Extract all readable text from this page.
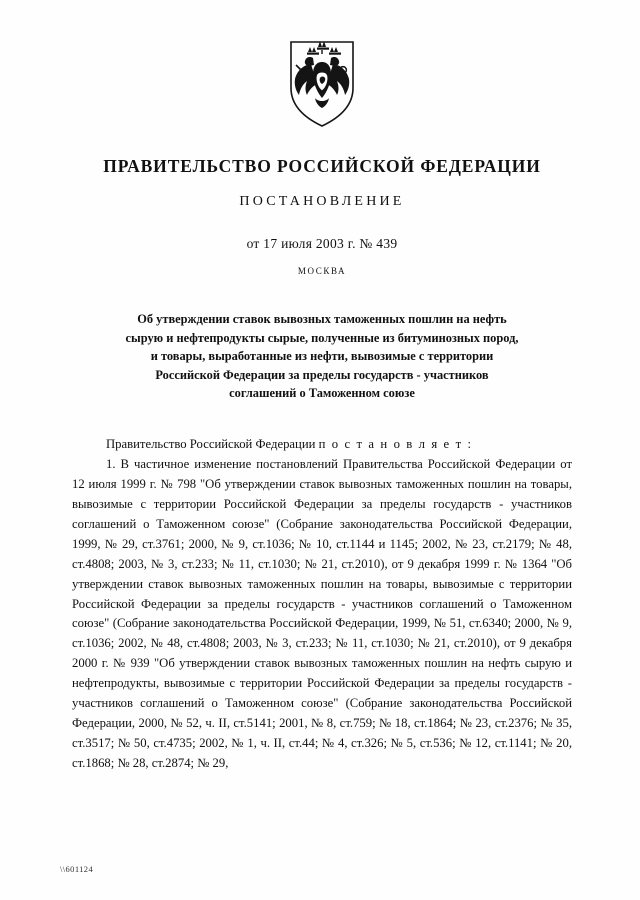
ПРАВИТЕЛЬСТВО РОССИЙСКОЙ ФЕДЕРАЦИИ
ПОСТАНОВЛЕНИЕ
от 17 июля 2003 г. № 439
МОСКВА
Об утверждении ставок вывозных таможенных пошлин на нефть
сырую и нефтепродукты сырые, полученные из битуминозных пород,
и товары, выработанные из нефти, вывозимые с территории
Российской Федерации за пределы государств - участников
соглашений о Таможенном союзе

Правительство Российской Федерации п о с т а н о в л я е т :

1. В частичное изменение постановлений Правительства Российской Федерации от 12 июля 1999 г. № 798 "Об утверждении ставок вывозных таможенных пошлин на товары, вывозимые с территории Российской Федерации за пределы государств - участников соглашений о Таможенном союзе" (Собрание законодательства Российской Федерации, 1999, № 29, ст.3761; 2000, № 9, ст.1036; № 10, ст.1144 и 1145; 2002, № 23, ст.2179; № 48, ст.4808; 2003, № 3, ст.233; № 11, ст.1030; № 21, ст.2010), от 9 декабря 1999 г. № 1364 "Об утверждении ставок вывозных таможенных пошлин на товары, вывозимые с территории Российской Федерации за пределы государств - участников соглашений о Таможенном союзе" (Собрание законодательства Российской Федерации, 1999, № 51, ст.6340; 2000, № 9, ст.1036; 2002, № 48, ст.4808; 2003, № 3, ст.233; № 11, ст.1030; № 21, ст.2010), от 9 декабря 2000 г. № 939 "Об утверждении ставок вывозных таможенных пошлин на нефть сырую и нефтепродукты, вывозимые с территории Российской Федерации за пределы государств - участников соглашений о Таможенном союзе" (Собрание законодательства Российской Федерации, 2000, № 52, ч. II, ст.5141; 2001, № 8, ст.759; № 18, ст.1864; № 23, ст.2376; № 35, ст.3517; № 50, ст.4735; 2002, № 1, ч. II, ст.44; № 4, ст.326; № 5, ст.536; № 12, ст.1141; № 20, ст.1868; № 28, ст.2874; № 29,

\\601124
